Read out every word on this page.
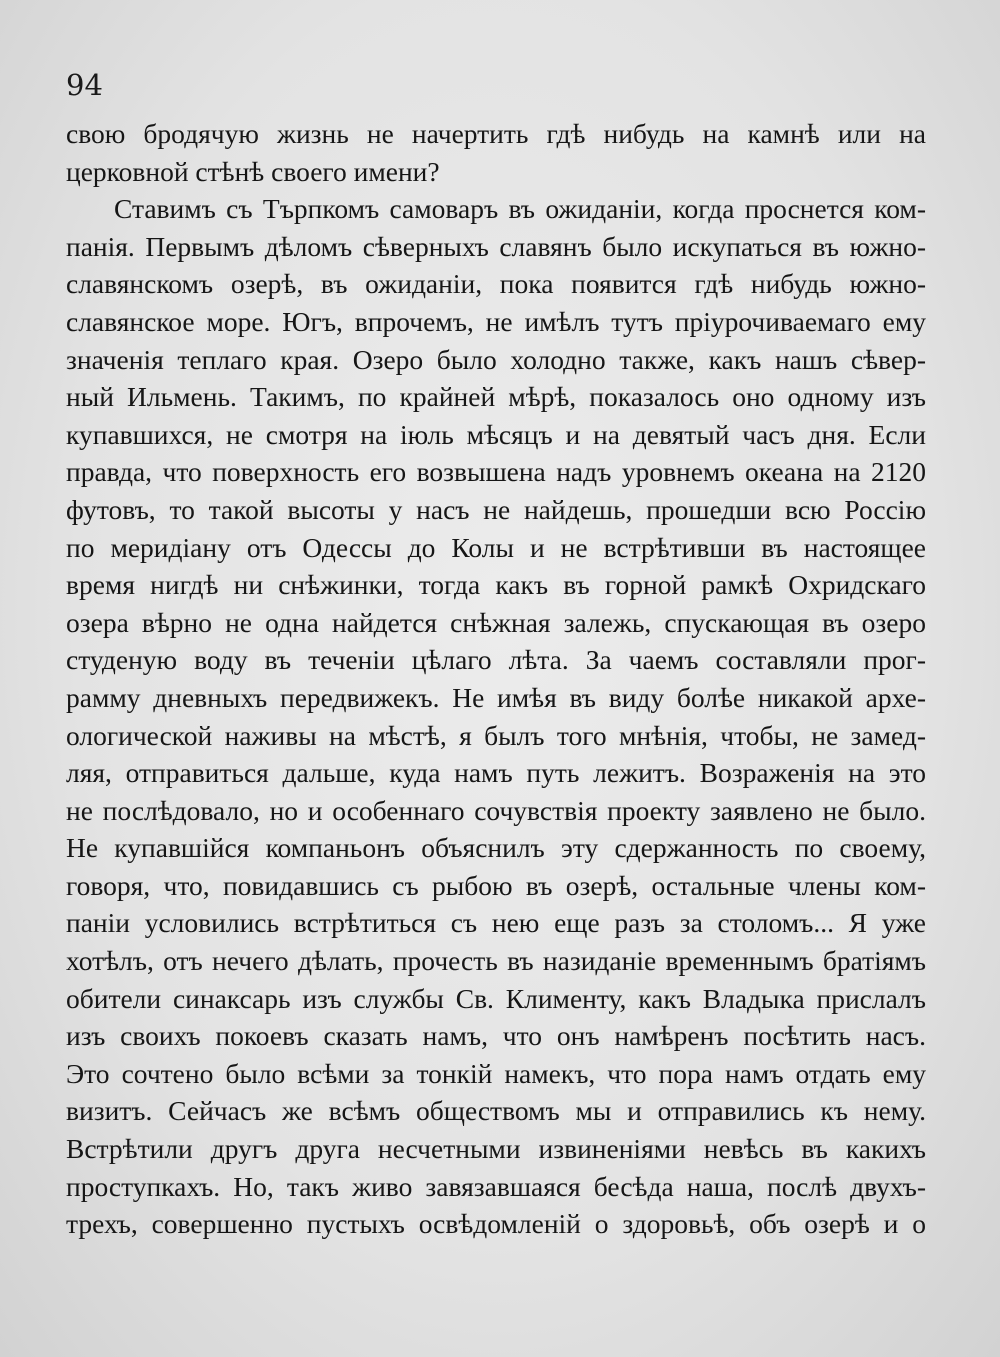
94

свою бродячую жизнь не начертить гдѣ нибудь на камнѣ или на
церковной стѣнѣ своего имени?
Ставимъ съ Търпкомъ самоваръ въ ожиданіи, когда проснется ком-
панія. Первымъ дѣломъ сѣверныхъ славянъ было искупаться въ южно-
славянскомъ озерѣ, въ ожиданіи, пока появится гдѣ нибудь южно-
славянское море. Югъ, впрочемъ, не имѣлъ тутъ пріурочиваемаго ему
значенія теплаго края. Озеро было холодно также, какъ нашъ сѣвер-
ный Ильмень. Такимъ, по крайней мѣрѣ, показалось оно одному изъ
купавшихся, не смотря на іюль мѣсяцъ и на девятый часъ дня. Если
правда, что поверхность его возвышена надъ уровнемъ океана на 2120
футовъ, то такой высоты у насъ не найдешь, прошедши всю Россію
по меридіану отъ Одессы до Колы и не встрѣтивши въ настоящее
время нигдѣ ни снѣжинки, тогда какъ въ горной рамкѣ Охридскаго
озера вѣрно не одна найдется снѣжная залежь, спускающая въ озеро
студеную воду въ теченіи цѣлаго лѣта. За чаемъ составляли прог-
рамму дневныхъ передвижекъ. Не имѣя въ виду болѣе никакой архе-
ологической наживы на мѣстѣ, я былъ того мнѣнія, чтобы, не замед-
ляя, отправиться дальше, куда намъ путь лежитъ. Возраженія на это
не послѣдовало, но и особеннаго сочувствія проекту заявлено не было.
Не купавшійся компаньонъ объяснилъ эту сдержанность по своему,
говоря, что, повидавшись съ рыбою въ озерѣ, остальные члены ком-
паніи условились встрѣтиться съ нею еще разъ за столомъ... Я уже
хотѣлъ, отъ нечего дѣлать, прочесть въ назиданіе временнымъ братіямъ
обители синаксарь изъ службы Св. Клименту, какъ Владыка прислалъ
изъ своихъ покоевъ сказать намъ, что онъ намѣренъ посѣтить насъ.
Это сочтено было всѣми за тонкій намекъ, что пора намъ отдать ему
визитъ. Сейчасъ же всѣмъ обществомъ мы и отправились къ нему.
Встрѣтили другъ друга несчетными извиненіями невѣсь въ какихъ
проступкахъ. Но, такъ живо завязавшаяся бесѣда наша, послѣ двухъ-
трехъ, совершенно пустыхъ освѣдомленій о здоровьѣ, объ озерѣ и о
